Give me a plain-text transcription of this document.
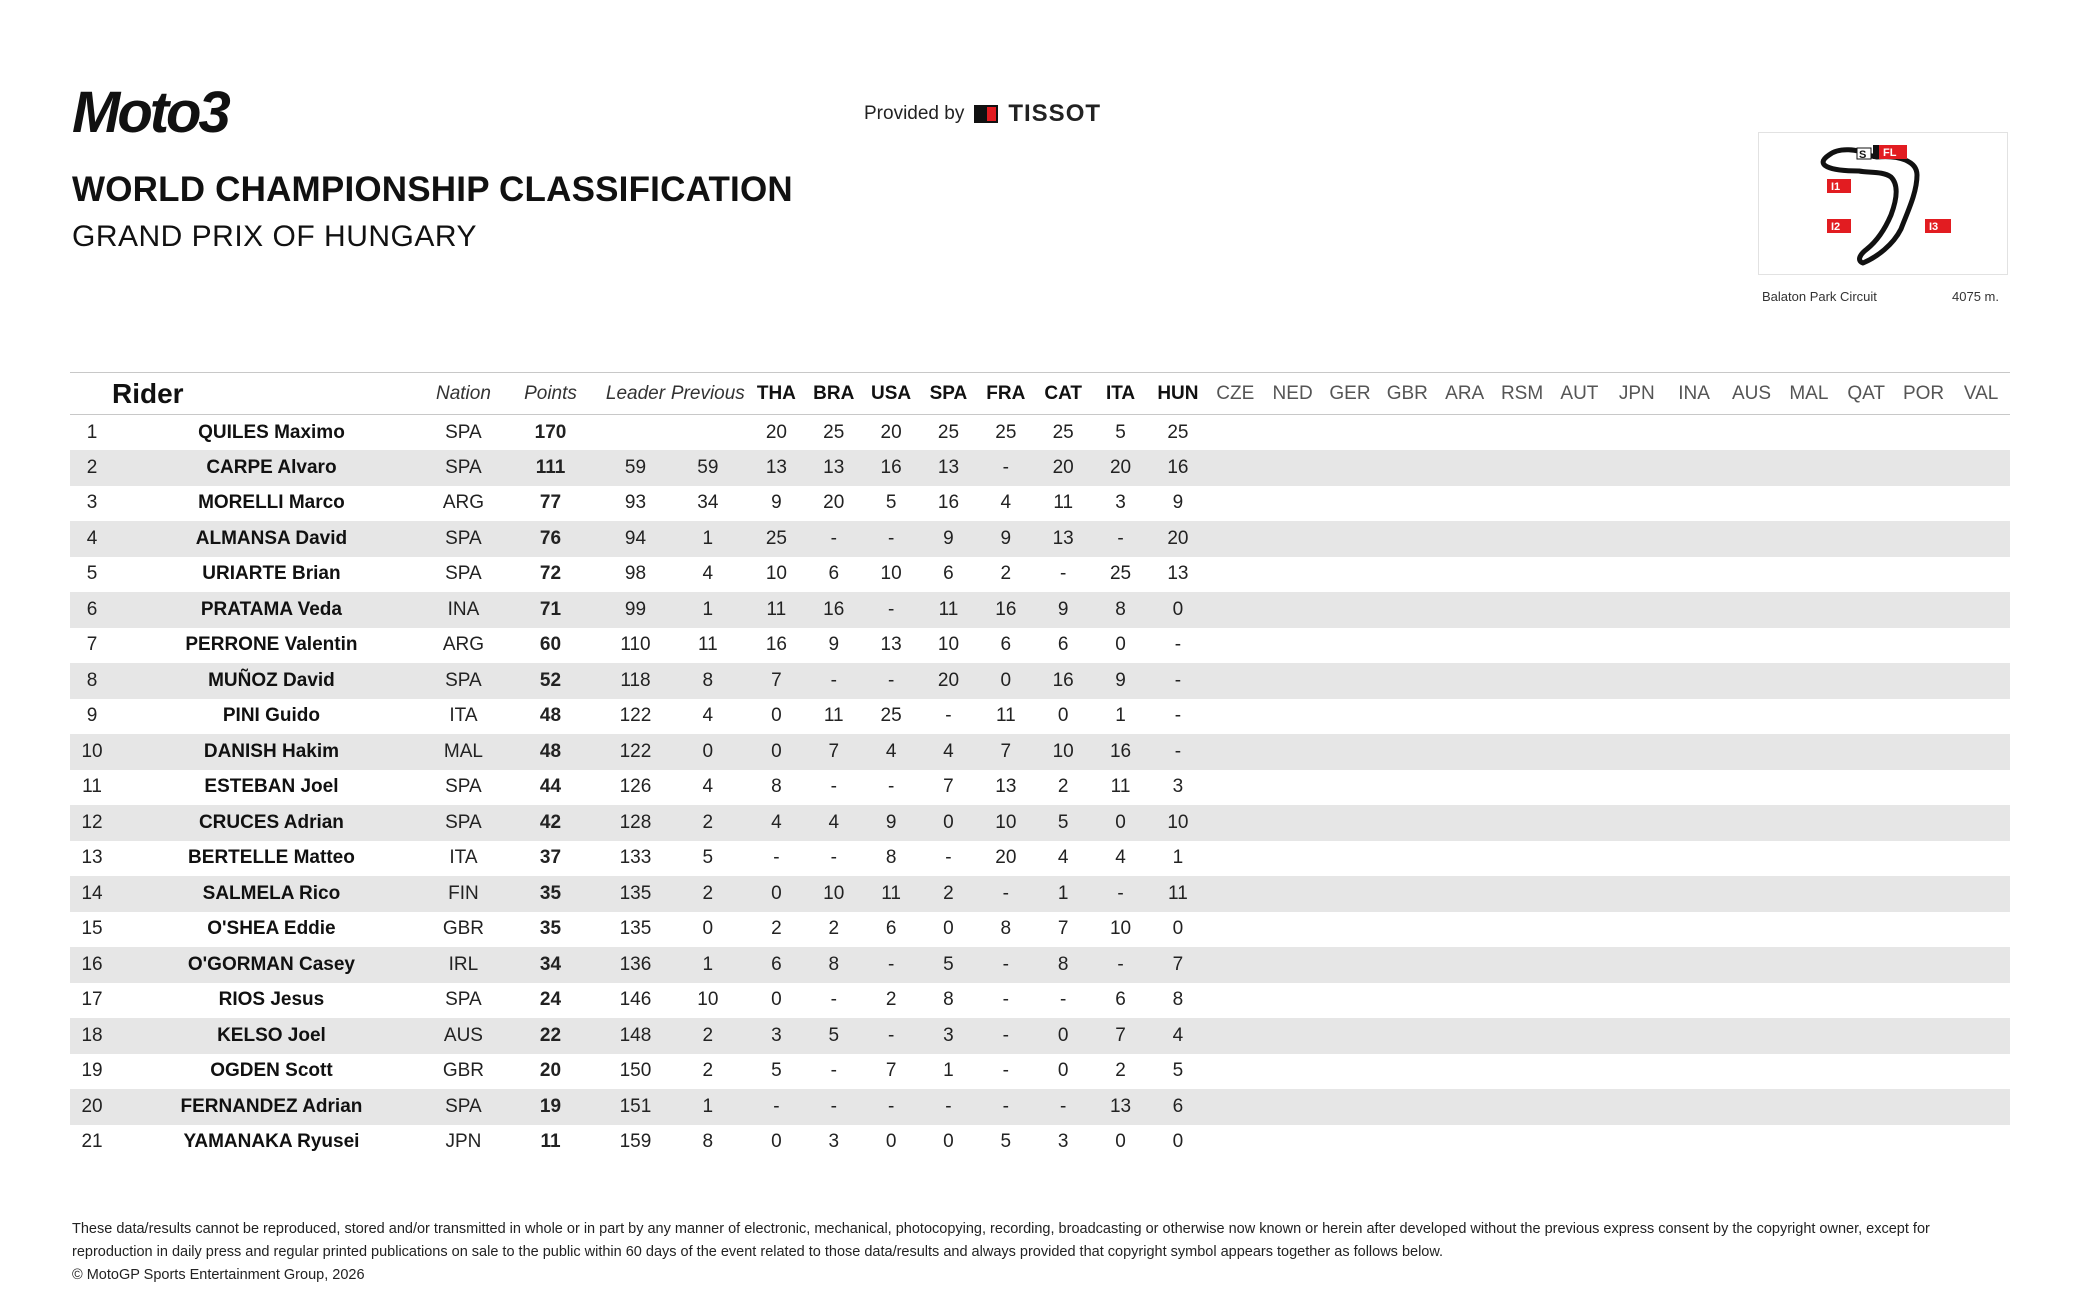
Moto3	Provided by TISSOT
WORLD CHAMPIONSHIP CLASSIFICATION
GRAND PRIX OF HUNGARY
S FL
I1
I2	I3
Balaton Park Circuit	4075 m.
Rider		Nation	Points	Leader	Previous	THA	BRA	USA	SPA	FRA	CAT	ITA	HUN	CZE	NED	GER	GBR	ARA	RSM	AUT	JPN	INA	AUS	MAL	QAT	POR	VAL
1	QUILES Maximo	SPA	170			20	25	20	25	25	25	5	25														
2	CARPE Alvaro	SPA	111	59	59	13	13	16	13	-	20	20	16														
3	MORELLI Marco	ARG	77	93	34	9	20	5	16	4	11	3	9														
4	ALMANSA David	SPA	76	94	1	25	-	-	9	9	13	-	20														
5	URIARTE Brian	SPA	72	98	4	10	6	10	6	2	-	25	13														
6	PRATAMA Veda	INA	71	99	1	11	16	-	11	16	9	8	0														
7	PERRONE Valentin	ARG	60	110	11	16	9	13	10	6	6	0	-														
8	MUÑOZ David	SPA	52	118	8	7	-	-	20	0	16	9	-														
9	PINI Guido	ITA	48	122	4	0	11	25	-	11	0	1	-														
10	DANISH Hakim	MAL	48	122	0	0	7	4	4	7	10	16	-														
11	ESTEBAN Joel	SPA	44	126	4	8	-	-	7	13	2	11	3														
12	CRUCES Adrian	SPA	42	128	2	4	4	9	0	10	5	0	10														
13	BERTELLE Matteo	ITA	37	133	5	-	-	8	-	20	4	4	1														
14	SALMELA Rico	FIN	35	135	2	0	10	11	2	-	1	-	11														
15	O'SHEA Eddie	GBR	35	135	0	2	2	6	0	8	7	10	0														
16	O'GORMAN Casey	IRL	34	136	1	6	8	-	5	-	8	-	7														
17	RIOS Jesus	SPA	24	146	10	0	-	2	8	-	-	6	8														
18	KELSO Joel	AUS	22	148	2	3	5	-	3	-	0	7	4														
19	OGDEN Scott	GBR	20	150	2	5	-	7	1	-	0	2	5														
20	FERNANDEZ Adrian	SPA	19	151	1	-	-	-	-	-	-	13	6														
21	YAMANAKA Ryusei	JPN	11	159	8	0	3	0	0	5	3	0	0														
These data/results cannot be reproduced, stored and/or transmitted in whole or in part by any manner of electronic, mechanical, photocopying, recording, broadcasting or otherwise now known or herein after developed without the previous express consent by the copyright owner, except for reproduction in daily press and regular printed publications on sale to the public within 60 days of the event related to those data/results and always provided that copyright symbol appears together as follows below.
© MotoGP Sports Entertainment Group, 2026
